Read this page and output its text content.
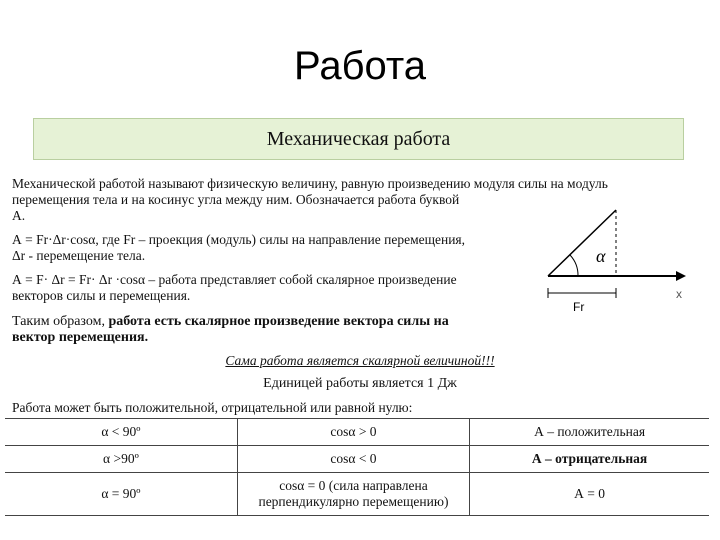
Работа
Механическая работа
Механической работой называют физическую величину, равную произведению модуля силы на модуль
перемещения тела и на косинус угла между ним. Обозначается работа буквой
А.
А = Fr·Δr·cosα, где Fr – проекция (модуль) силы на направление перемещения,
Δr - перемещение тела.
А = F· Δr = Fr· Δr ·cosα – работа представляет собой скалярное произведение
векторов силы и перемещения.
Таким образом, работа есть скалярное произведение вектора силы на
вектор перемещения.
α
Fr
x
Сама работа является скалярной величиной!!!
Единицей работы является 1 Дж
Работа может быть положительной, отрицательной или равной нулю:
α < 90º	cosα > 0	А – положительная
α >90º	cosα < 0	А – отрицательная
α = 90º	cosα = 0 (сила направлена
перпендикулярно перемещению)	А = 0
